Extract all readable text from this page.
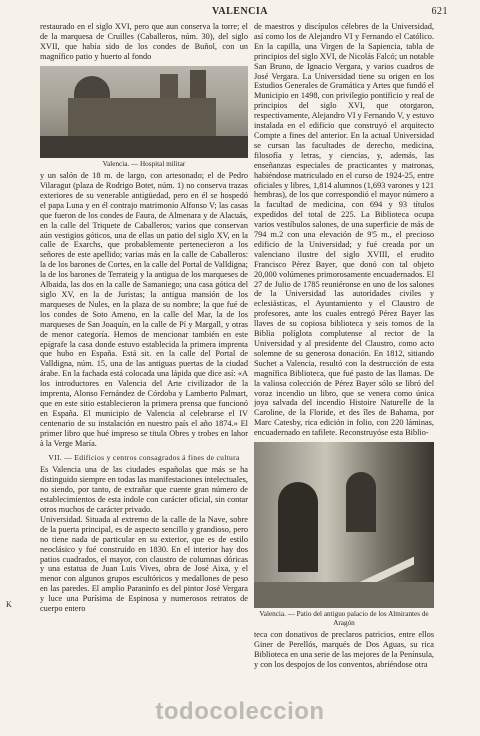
VALENCIA	621

restaurado en el siglo XVI, pero que aun conserva la torre; el de la marquesa de Cruilles (Caballeros, núm. 30), del siglo XVII, que había sido de los condes de Buñol, con un magnífico patio y huerto al fondo

Valencia. — Hospital militar

y un salón de 18 m. de largo, con artesonado; el de Pedro Vilaragut (plaza de Rodrigo Botet, núm. 1) no conserva trazas exteriores de su venerable antigüedad, pero en él se hospedó el papa Luna y en él contrajo matrimonio Alfonso V; las casas que fueron de los condes de Faura, de Almenara y de Alacuás, en la calle del Triquete de Caballeros; varios que conservan aún vestigios góticos, una de ellas un patio del siglo XV, en la calle de Exarchs, que probablemente pertenecieron a los señores de este apellido; varias más en la calle de Caballeros: la de los barones de Cortes, en la calle del Portal de Valldigna; la de los barones de Terrateig y la antigua de los marqueses de Albaida, las dos en la calle de Samaniego; una casa gótica del siglo XV, en la de Juristas; la antigua mansión de los marqueses de Nules, en la plaza de su nombre; la que fué de los condes de Soto Ameno, en la calle del Mar, la de los marqueses de San Joaquín, en la calle de Pí y Margall, y otras de menor categoría. Hemos de mencionar también en este epígrafe la casa donde estuvo establecida la primera imprenta que hubo en España. Está sit. en la calle del Portal de Valldigna, núm. 15, una de las antiguas puertas de la ciudad árabe. En la fachada está colocada una lápida que dice así: «A los introductores en Valencia del Arte civilizador de la imprenta, Alonso Fernández de Córdoba y Lamberto Palmart, que en este sitio establecieron la primera prensa que funcionó en España. El municipio de Valencia al celebrarse el IV centenario de su instalación en nuestro país el año 1874.» El primer libro que hué impreso se titula Obres y trobes en lahor à la Verge María.

VII. — Edificios y centros consagrados á fines de cultura

Es Valencia una de las ciudades españolas que más se ha distinguido siempre en todas las manifestaciones intelectuales, no siendo, por tanto, de extrañar que cuente gran número de establecimientos de esta índole con carácter oficial, sin contar otros muchos de carácter privado.

Universidad. Situada al extremo de la calle de la Nave, sobre de la puerta principal, es de aspecto sencillo y grandioso, pero no tiene nada de particular en su exterior, que es de estilo neoclásico y fué construido en 1830. En el interior hay dos patios cuadrados, el mayor, con claustro de columnas dóricas y una estatua de Juan Luis Vives, obra de José Aixa, y el menor con algunos grupos escultóricos y medallones de peso en las paredes. El amplio Paraninfo es del pintor José Vergara y luce una Purísima de Espinosa y numerosos retratos de cuerpo entero

de maestros y discípulos célebres de la Universidad, así como los de Alejandro VI y Fernando el Católico. En la capilla, una Virgen de la Sapiencia, tabla de principios del siglo XVI, de Nicolás Falcó; un notable San Bruno, de Ignacio Vergara, y varios cuadros de José Vergara. La Universidad tiene su origen en los Estudios Generales de Gramática y Artes que fundó el Municipio en 1498, con privilegio pontificio y real de principios del siglo XVI, que otorgaron, respectivamente, Alejandro VI y Fernando V, y estuvo instalada en el edificio que construyó el arquitecto Compte a fines del anterior. En la actual Universidad se cursan las facultades de derecho, medicina, filosofía y letras, y ciencias, y, además, las enseñanzas especiales de practicantes y matronas, habiéndose matriculado en el curso de 1924-25, entre oficiales y libres, 1,814 alumnos (1,693 varones y 121 hembras), de los que correspondió el mayor número a la facultad de medicina, con 694 y 93 títulos expedidos del total de 225. La Biblioteca ocupa varios vestíbulos salones, de una superficie de más de 794 m.2 con una elevación de 9'5 m., el precioso edificio de la Universidad; y fué creada por un valenciano ilustre del siglo XVIII, el erudito Francisco Pérez Bayer, que donó con tal objeto 20,000 volúmenes primorosamente encuadernados. El 27 de Julio de 1785 reuniéronse en uno de los salones de la Universidad las autoridades civiles y eclesiásticas, el Ayuntamiento y el Claustro de profesores, ante los cuales entregó Pérez Bayer las llaves de su copiosa biblioteca y seis tomos de la Biblia políglota complutense al rector de la Universidad y al presidente del Claustro, como acto solemne de su generosa donación. En 1812, sitiando Suchet a Valencia, resultó con la destrucción de esta magnífica Biblioteca, que fué pasto de las llamas. De la valiosa colección de Pérez Bayer sólo se libró del voraz incendio un libro, que se venera como única joya salvada del incendio Histoire Naturelle de la Caroline, de la Floride, et des îles de Bahama, por Marc Catesby, rica edición in folio, con 220 láminas, encuadernado en tafilete. Reconstruyóse esta Biblio-

Valencia. — Patio del antiguo palacio de los Almirantes de Aragón

teca con donativos de preclaros patricios, entre ellos Giner de Perellós, marqués de Dos Aguas, su rica Biblioteca en una serie de las mejores de la Península, y con los despojos de los conventos, abriéndose otra

K
todocoleccion
